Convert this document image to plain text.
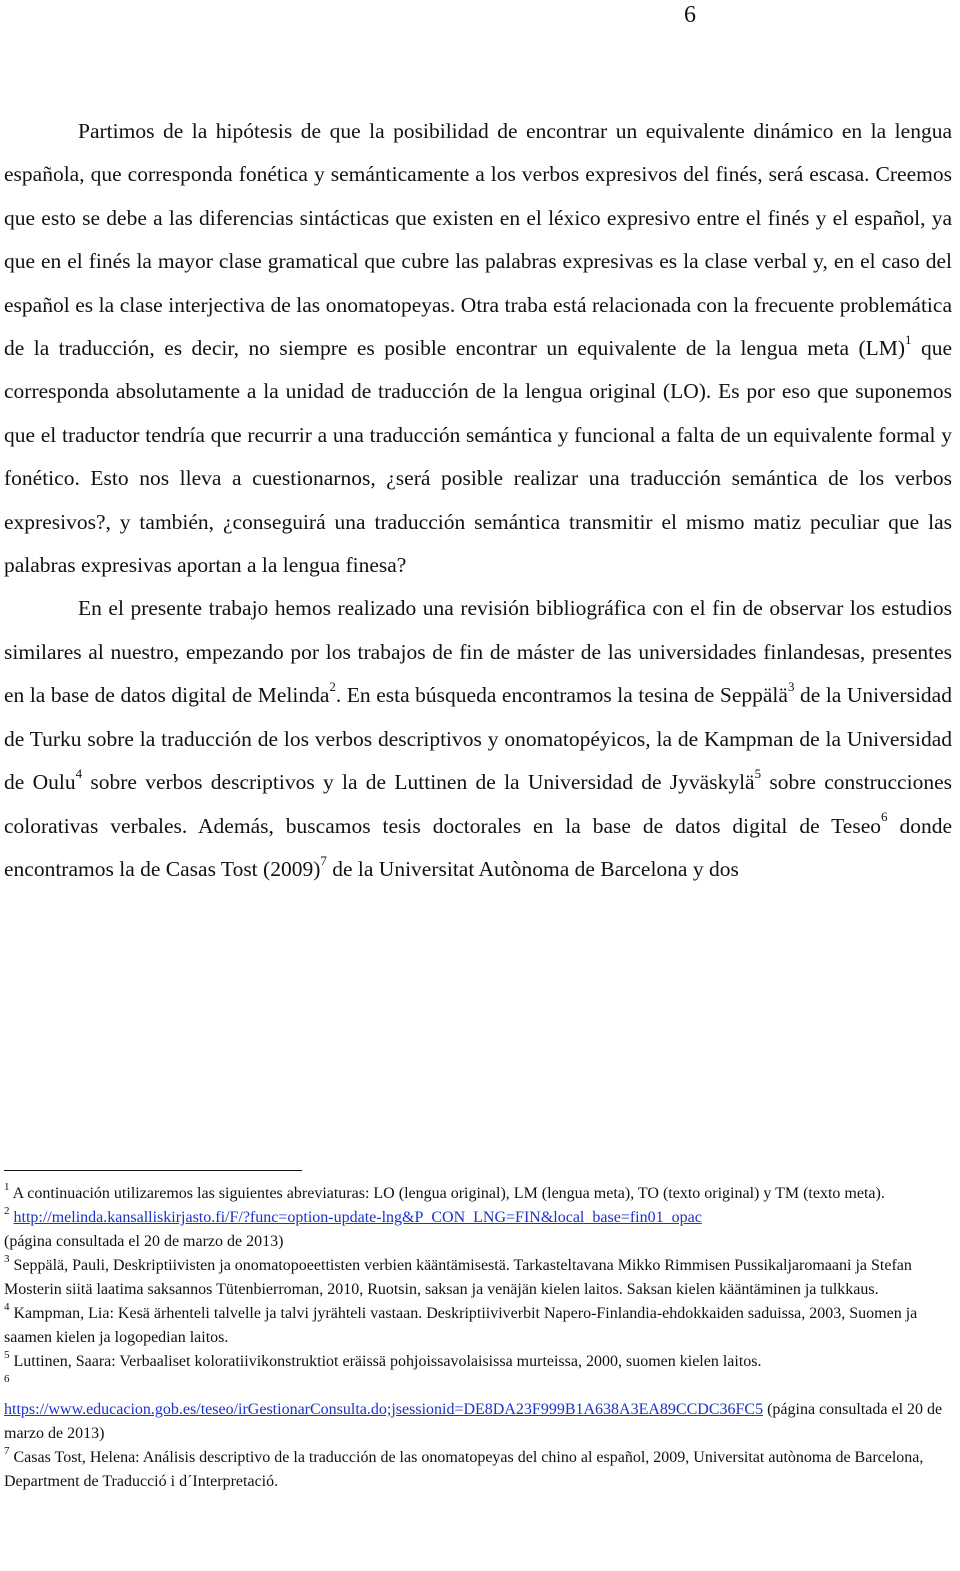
6

Partimos de la hipótesis de que la posibilidad de encontrar un equivalente dinámico en la lengua española, que corresponda fonética y semánticamente a los verbos expresivos del finés, será escasa. Creemos que esto se debe a las diferencias sintácticas que existen en el léxico expresivo entre el finés y el español, ya que en el finés la mayor clase gramatical que cubre las palabras expresivas es la clase verbal y, en el caso del español es la clase interjectiva de las onomatopeyas. Otra traba está relacionada con la frecuente problemática de la traducción, es decir, no siempre es posible encontrar un equivalente de la lengua meta (LM)$^1$ que corresponda absolutamente a la unidad de traducción de la lengua original (LO). Es por eso que suponemos que el traductor tendría que recurrir a una traducción semántica y funcional a falta de un equivalente formal y fonético. Esto nos lleva a cuestionarnos, ¿será posible realizar una traducción semántica de los verbos expresivos?, y también, ¿conseguirá una traducción semántica transmitir el mismo matiz peculiar que las palabras expresivas aportan a la lengua finesa?

En el presente trabajo hemos realizado una revisión bibliográfica con el fin de observar los estudios similares al nuestro, empezando por los trabajos de fin de máster de las universidades finlandesas, presentes en la base de datos digital de Melinda$^2$. En esta búsqueda encontramos la tesina de Seppälä$^3$ de la Universidad de Turku sobre la traducción de los verbos descriptivos y onomatopéyicos, la de Kampman de la Universidad de Oulu$^4$ sobre verbos descriptivos y la de Luttinen de la Universidad de Jyväskylä$^5$ sobre construcciones colorativas verbales. Además, buscamos tesis doctorales en la base de datos digital de Teseo$^6$ donde encontramos la de Casas Tost $(2009)^7$ de la Universitat Autònoma de Barcelona y dos

$^1$ A continuación utilizaremos las siguientes abreviaturas: LO (lengua original), LM (lengua meta), TO (texto original) y TM (texto meta).
$^2$ http://melinda.kansalliskirjasto.fi/F/?func=option-update-lng&P_CON_LNG=FIN&local_base=fin01_opac
(página consultada el 20 de marzo de 2013)
$^3$ Seppälä, Pauli, Deskriptiivisten ja onomatopoeettisten verbien kääntämisestä. Tarkasteltavana Mikko Rimmisen Pussikaljaromaani ja Stefan Mosterin siitä laatima saksannos Tütenbierroman, 2010, Ruotsin, saksan ja venäjän kielen laitos. Saksan kielen kääntäminen ja tulkkaus.
$^4$ Kampman, Lia: Kesä ärhenteli talvelle ja talvi jyrähteli vastaan. Deskriptiiviverbit Napero-Finlandia-ehdokkaiden saduissa, 2003, Suomen ja saamen kielen ja logopedian laitos.
$^5$ Luttinen, Saara: Verbaaliset koloratiivikonstruktiot eräissä pohjoissavolaisissa murteissa, 2000, suomen kielen laitos.
$^6$
https://www.educacion.gob.es/teseo/irGestionarConsulta.do;jsessionid=DE8DA23F999B1A638A3EA89CCDC36FC5 (página consultada el 20 de marzo de 2013)
$^7$ Casas Tost, Helena: Análisis descriptivo de la traducción de las onomatopeyas del chino al español, 2009, Universitat autònoma de Barcelona, Department de Traducció i d´Interpretació.
